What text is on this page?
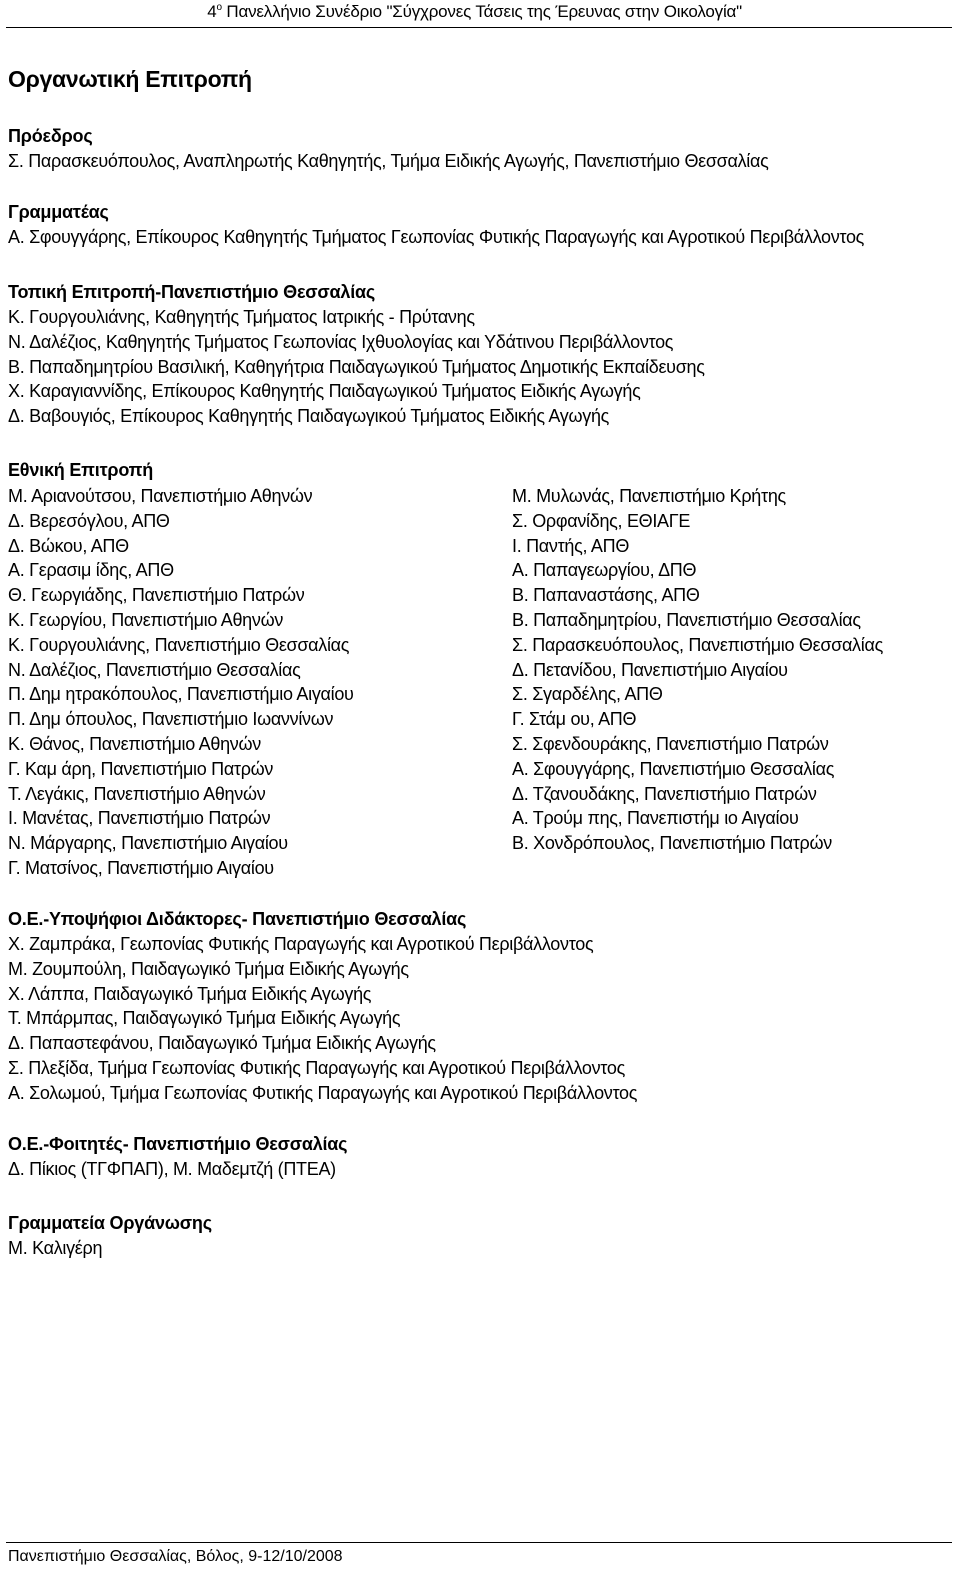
$4^o$ Πανελλήνιο Συνέδριο "Σύγχρονες Τάσεις της Έρευνας στην Οικολογία"
Οργανωτική Επιτροπή
Πρόεδρος
Σ. Παρασκευόπουλος, Αναπληρωτής Καθηγητής, Τμήμα Ειδικής Αγωγής, Πανεπιστήμιο Θεσσαλίας
Γραμματέας
Α. Σφουγγάρης, Επίκουρος Καθηγητής Τμήματος Γεωπονίας Φυτικής Παραγωγής και Αγροτικού Περιβάλλοντος
Τοπική Επιτροπή-Πανεπιστήμιο Θεσσαλίας
Κ. Γουργουλιάνης, Καθηγητής Τμήματος Ιατρικής - Πρύτανης
Ν. Δαλέζιος, Καθηγητής Τμήματος Γεωπονίας Ιχθυολογίας και Υδάτινου Περιβάλλοντος
Β. Παπαδημητρίου Βασιλική, Καθηγήτρια Παιδαγωγικού Τμήματος Δημοτικής Εκπαίδευσης
Χ. Καραγιαννίδης, Επίκουρος Καθηγητής Παιδαγωγικού Τμήματος Ειδικής Αγωγής
Δ. Βαβουγιός, Επίκουρος Καθηγητής Παιδαγωγικού Τμήματος Ειδικής Αγωγής
Εθνική Επιτροπή
Μ. Αριανούτσου, Πανεπιστήμιο Αθηνών
Δ. Βερεσόγλου, ΑΠΘ
Δ. Βώκου, ΑΠΘ
Α. Γερασιμ ίδης, ΑΠΘ
Θ. Γεωργιάδης, Πανεπιστήμιο Πατρών
Κ. Γεωργίου, Πανεπιστήμιο Αθηνών
Κ. Γουργουλιάνης, Πανεπιστήμιο Θεσσαλίας
Ν. Δαλέζιος, Πανεπιστήμιο Θεσσαλίας
Π. Δημ ητρακόπουλος, Πανεπιστήμιο Αιγαίου
Π. Δημ όπουλος, Πανεπιστήμιο Ιωαννίνων
Κ. Θάνος, Πανεπιστήμιο Αθηνών
Γ. Καμ άρη, Πανεπιστήμιο Πατρών
Τ. Λεγάκις, Πανεπιστήμιο Αθηνών
Ι. Μανέτας, Πανεπιστήμιο Πατρών
Ν. Μάργαρης, Πανεπιστήμιο Αιγαίου
Γ. Ματσίνος, Πανεπιστήμιο Αιγαίου
Μ. Μυλωνάς, Πανεπιστήμιο Κρήτης
Σ. Ορφανίδης, ΕΘΙΑΓΕ
Ι. Παντής, ΑΠΘ
Α. Παπαγεωργίου, ΔΠΘ
Β. Παπαναστάσης, ΑΠΘ
Β. Παπαδημητρίου, Πανεπιστήμιο Θεσσαλίας
Σ. Παρασκευόπουλος, Πανεπιστήμιο Θεσσαλίας
Δ. Πετανίδου, Πανεπιστήμιο Αιγαίου
Σ. Σγαρδέλης, ΑΠΘ
Γ. Στάμ ου, ΑΠΘ
Σ. Σφενδουράκης, Πανεπιστήμιο Πατρών
Α. Σφουγγάρης, Πανεπιστήμιο Θεσσαλίας
Δ. Τζανουδάκης, Πανεπιστήμιο Πατρών
Α. Τρούμ πης, Πανεπιστήμ ιο Αιγαίου
Β. Χονδρόπουλος, Πανεπιστήμιο Πατρών
Ο.Ε.-Υποψήφιοι Διδάκτορες- Πανεπιστήμιο Θεσσαλίας
Χ. Ζαμπράκα, Γεωπονίας Φυτικής Παραγωγής και Αγροτικού Περιβάλλοντος
Μ. Ζουμπούλη, Παιδαγωγικό Τμήμα Ειδικής Αγωγής
Χ. Λάππα, Παιδαγωγικό Τμήμα Ειδικής Αγωγής
Τ. Μπάρμπας, Παιδαγωγικό Τμήμα Ειδικής Αγωγής
Δ. Παπαστεφάνου, Παιδαγωγικό Τμήμα Ειδικής Αγωγής
Σ. Πλεξίδα, Τμήμα Γεωπονίας Φυτικής Παραγωγής και Αγροτικού Περιβάλλοντος
Α. Σολωμού, Τμήμα Γεωπονίας Φυτικής Παραγωγής και Αγροτικού Περιβάλλοντος
Ο.Ε.-Φοιτητές- Πανεπιστήμιο Θεσσαλίας
Δ. Πίκιος (ΤΓΦΠΑΠ), Μ. Μαδεμτζή (ΠΤΕΑ)
Γραμματεία Οργάνωσης
Μ. Καλιγέρη
Πανεπιστήμιο Θεσσαλίας, Βόλος, 9-12/10/2008
